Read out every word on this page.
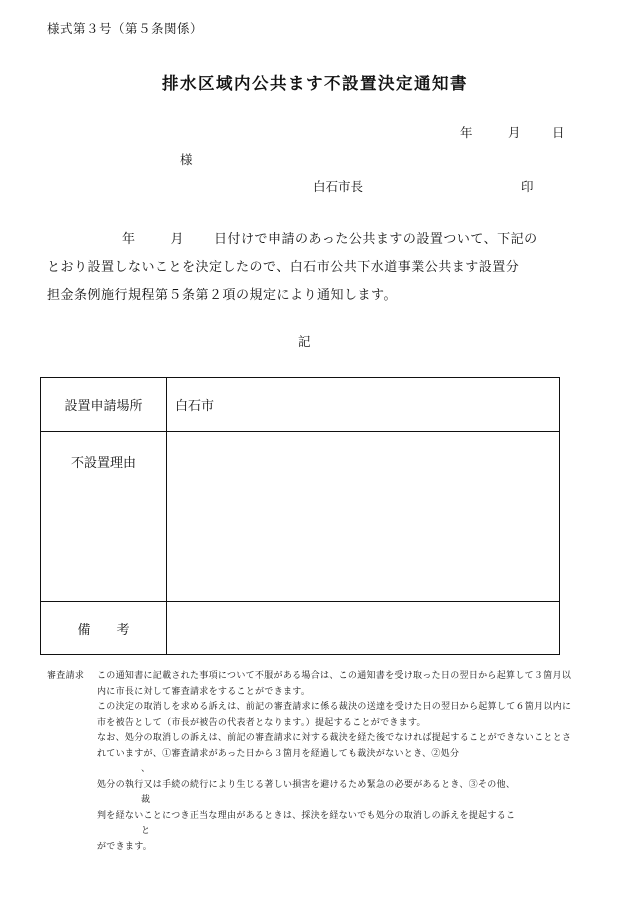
様式第３号（第５条関係）
排水区域内公共ます不設置決定通知書
年	月	日
様
白石市長	印
年	月 日付けで申請のあった公共ますの設置ついて、下記の
とおり設置しないことを決定したので、白石市公共下水道事業公共ます設置分
担金条例施行規程第５条第２項の規定により通知します。
記
設置申請場所	白石市
不設置理由	
備　　考	
審査請求	この通知書に記載された事項について不服がある場合は、この通知書を受け取った日の翌日から起算して３箇月以内に市長に対して審査請求をすることができます。
この決定の取消しを求める訴えは、前記の審査請求に係る裁決の送達を受けた日の翌日から起算して６箇月以内に市を被告として（市長が被告の代表者となります。）提起することができます。
なお、処分の取消しの訴えは、前記の審査請求に対する裁決を経た後でなければ提起することができないこととされていますが、①審査請求があった日から３箇月を経過しても裁決がないとき、②処分
、
処分の執行又は手続の続行により生じる著しい損害を避けるため緊急の必要があるとき、③その他、
裁
判を経ないことにつき正当な理由があるときは、採決を経ないでも処分の取消しの訴えを提起するこ
と
ができます。
